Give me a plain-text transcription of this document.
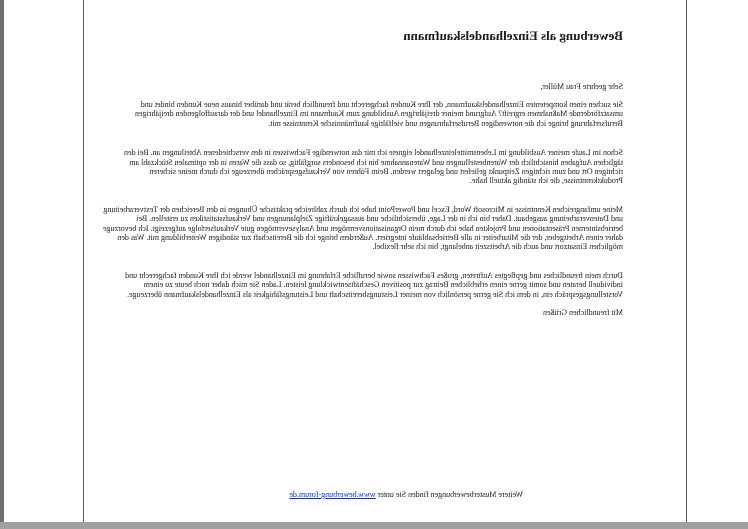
Bewerbung als Einzelhandelskaufmann
Sehr geehrte Frau Müller,

Sie suchen einen kompetenten Einzelhandelskaufmann, der Ihre Kunden fachgerecht und freundlich berät und darüber hinaus neue Kunden bindet und umsatzfördernde Maßnahmen ergreift? Aufgrund meiner dreijährigen Ausbildung zum Kaufmann im Einzelhandel und der darauffolgenden dreijährigen Berufserfahrung bringe ich die notwendigen Berufserfahrungen und vielfältige kaufmännische Kenntnisse mit.

Schon im Laufe meiner Ausbildung im Lebensmitteleinzelhandel eignete ich mir das notwendige Fachwissen in den verschiedenen Abteilungen an. Bei den täglichen Aufgaben hinsichtlich der Warenbestellungen und Warenannahme bin ich besonders sorgfältig, so dass die Waren in der optimalen Stückzahl am richtigen Ort und zum richtigen Zeitpunkt geliefert und gelagert werden. Beim Führen von Verkaufsgesprächen überzeuge ich durch meine sicheren Produktkenntnisse, die ich ständig aktuell halte.

Meine umfangreichen Kenntnisse in Microsoft Word, Excel und PowerPoint habe ich durch zahlreiche praktische Übungen in den Bereichen der Textverarbeitung und Datenverarbeitung ausgebaut. Daher bin ich in der Lage, übersichtliche und aussagekräftige Zielplanungen und Verkaufsstatistiken zu erstellen. Bei betriebsinternen Präsentationen und Projekten habe ich durch mein Organisationsvermögen und Analysevermögen gute Verkaufserfolge aufgezeigt. Ich bevorzuge daher einen Arbeitgeber, der die Mitarbeiter in alle Betriebsabläufe integriert. Außerdem bringe ich die Bereitschaft zur ständigen Weiterbildung mit. Was den möglichen Einsatzort und auch die Arbeitszeit anbelangt, bin ich sehr flexibel.

Durch mein freundliches und gepflegtes Auftreten, großes Fachwissen sowie berufliche Erfahrung im Einzelhandel werde ich Ihre Kunden fachgerecht und individuell beraten und somit gerne einen erheblichen Beitrag zur positiven Geschäftsentwicklung leisten. Laden Sie mich daher noch heute zu einem Vorstellungsgespräch ein, in dem ich Sie gerne persönlich von meiner Leistungsbereitschaft und Leistungsfähigkeit als Einzelhandelskaufmann überzeuge.

Mit freundlichen Grüßen
Weitere Musterbewerbungen finden Sie unter www.bewerbung-forum.de
